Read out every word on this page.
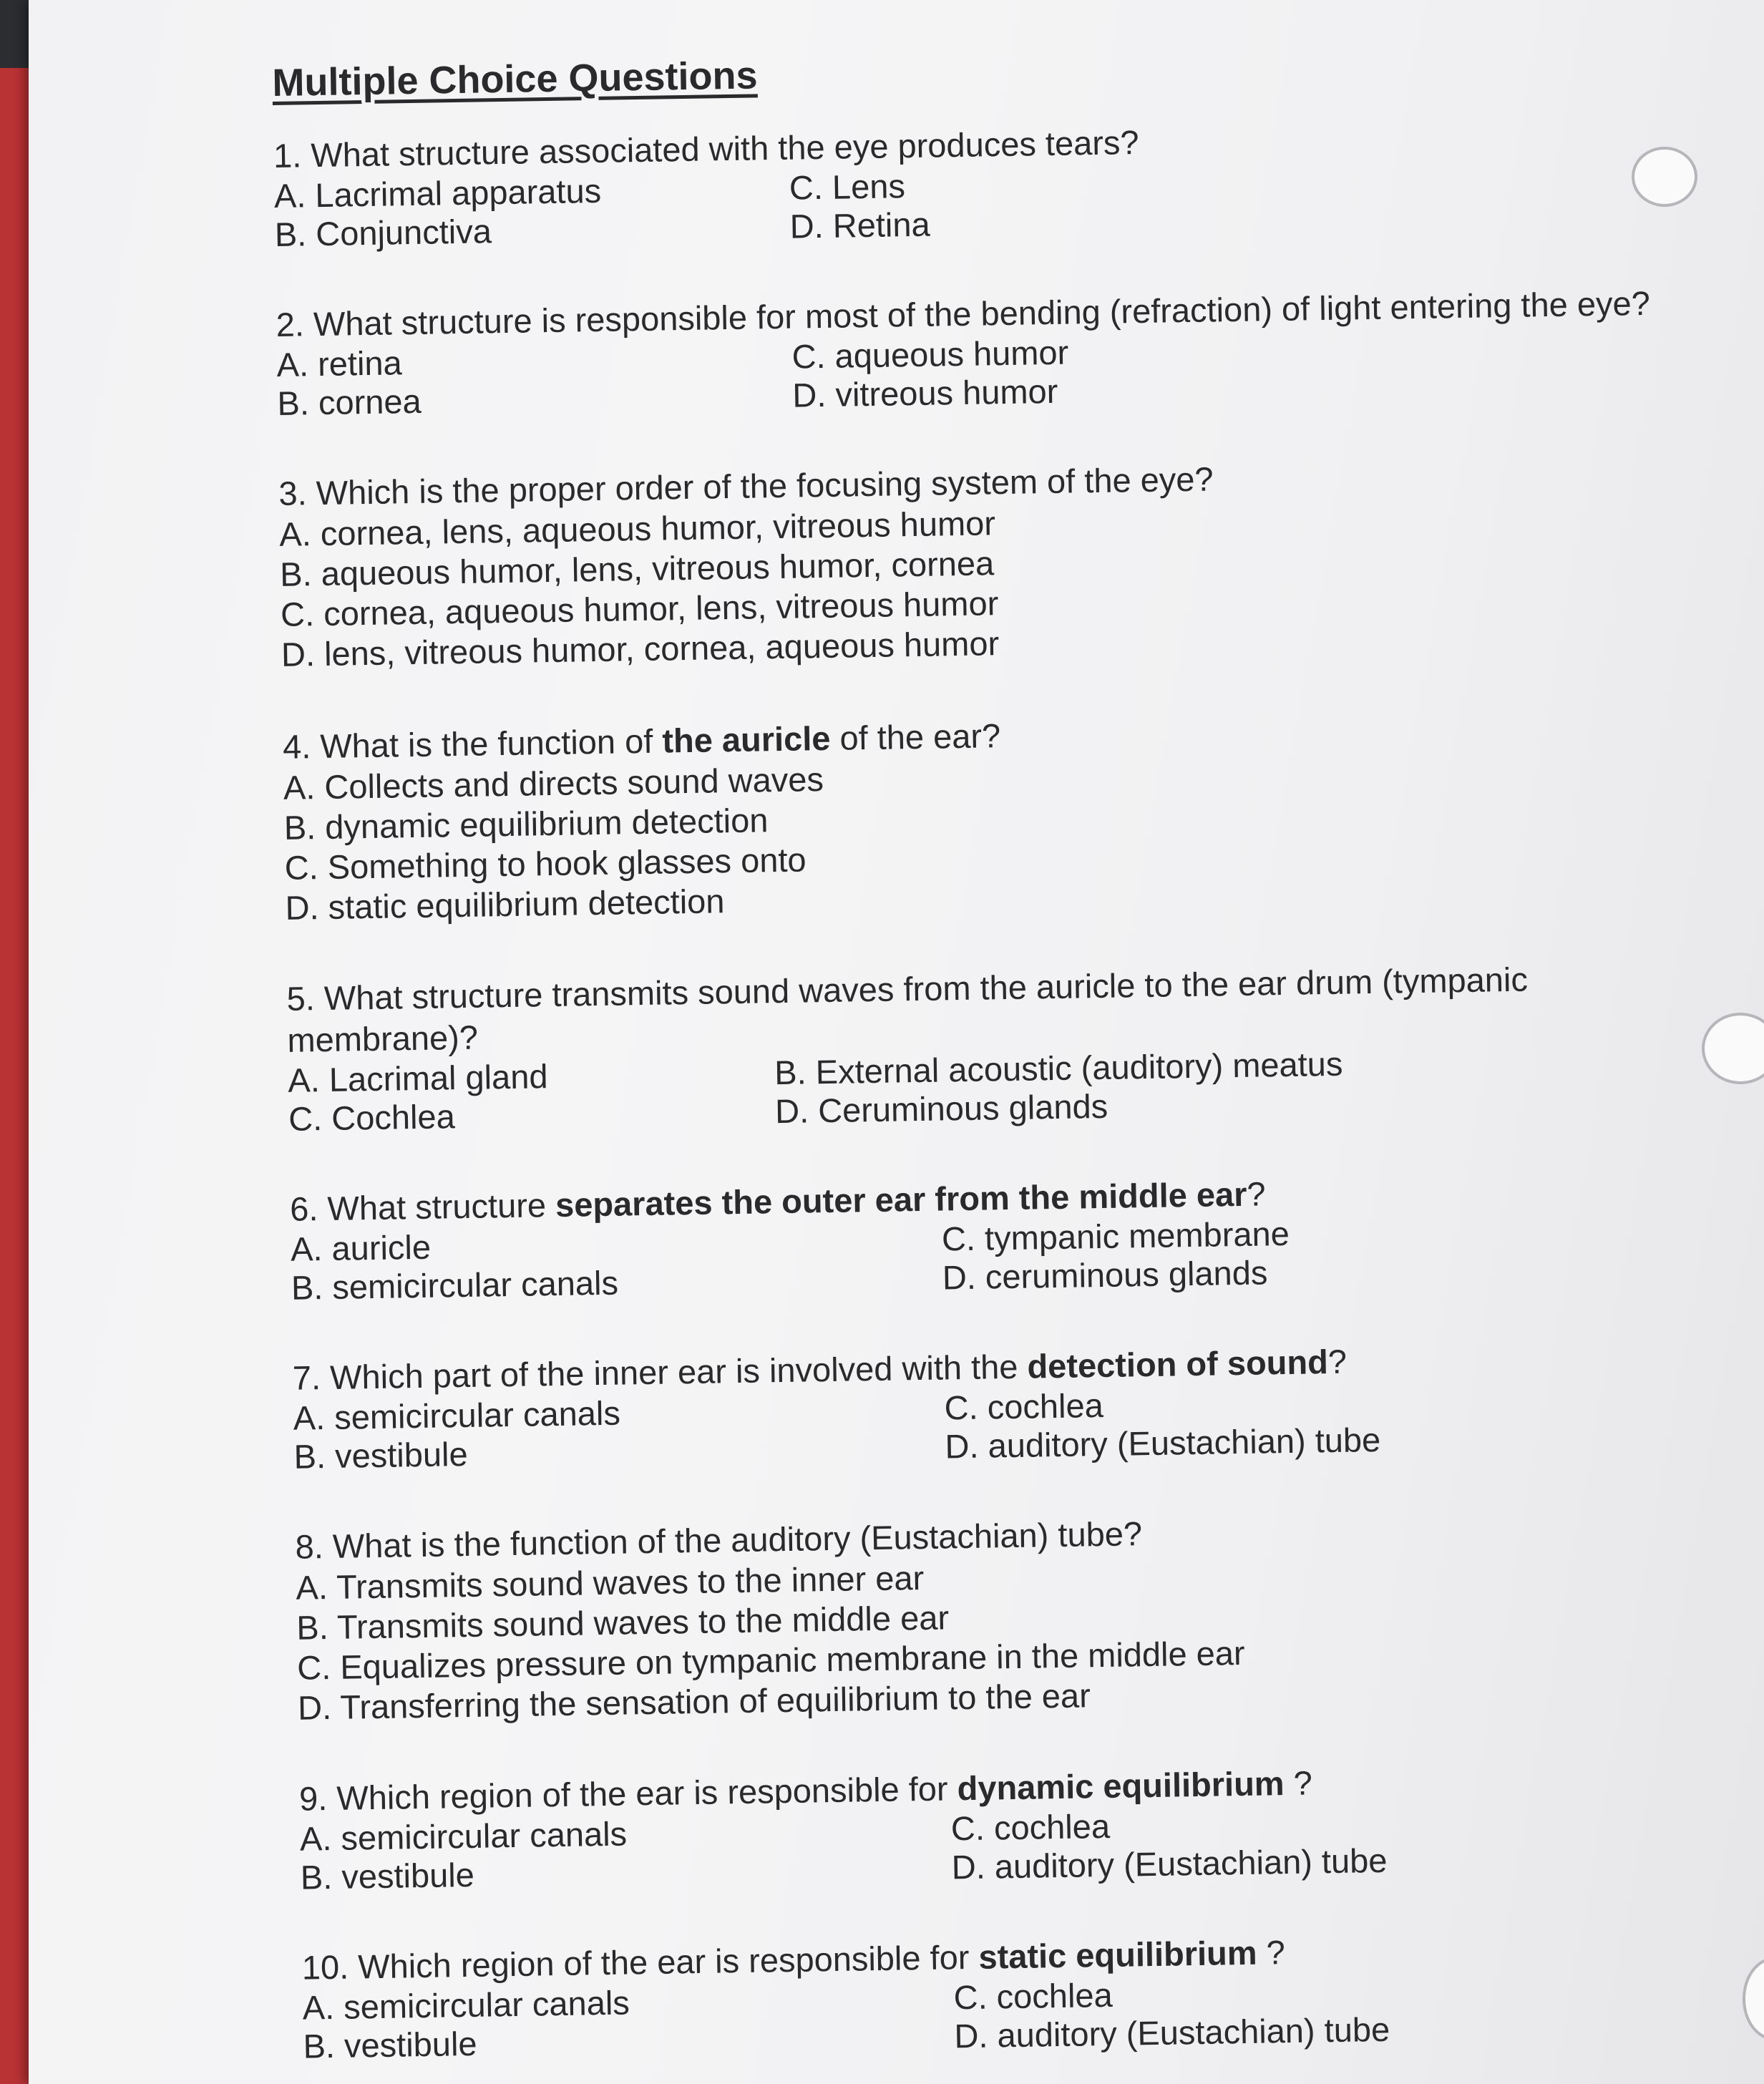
Multiple Choice Questions
1. What structure associated with the eye produces tears?
A. Lacrimal apparatus	C. Lens
B. Conjunctiva	D. Retina
2. What structure is responsible for most of the bending (refraction) of light entering the eye?
A. retina	C. aqueous humor
B. cornea	D. vitreous humor
3. Which is the proper order of the focusing system of the eye?
A. cornea, lens, aqueous humor, vitreous humor
B. aqueous humor, lens, vitreous humor, cornea
C. cornea, aqueous humor, lens, vitreous humor
D. lens, vitreous humor, cornea, aqueous humor
4. What is the function of the auricle of the ear?
A. Collects and directs sound waves
B. dynamic equilibrium detection
C. Something to hook glasses onto
D. static equilibrium detection
5. What structure transmits sound waves from the auricle to the ear drum (tympanic membrane)?
A. Lacrimal gland	B. External acoustic (auditory) meatus
C. Cochlea	D. Ceruminous glands
6. What structure separates the outer ear from the middle ear?
A. auricle	C. tympanic membrane
B. semicircular canals	D. ceruminous glands
7. Which part of the inner ear is involved with the detection of sound?
A. semicircular canals	C. cochlea
B. vestibule	D. auditory (Eustachian) tube
8. What is the function of the auditory (Eustachian) tube?
A. Transmits sound waves to the inner ear
B. Transmits sound waves to the middle ear
C. Equalizes pressure on tympanic membrane in the middle ear
D. Transferring the sensation of equilibrium to the ear
9. Which region of the ear is responsible for dynamic equilibrium ?
A. semicircular canals	C. cochlea
B. vestibule	D. auditory (Eustachian) tube
10. Which region of the ear is responsible for static equilibrium ?
A. semicircular canals	C. cochlea
B. vestibule	D. auditory (Eustachian) tube
